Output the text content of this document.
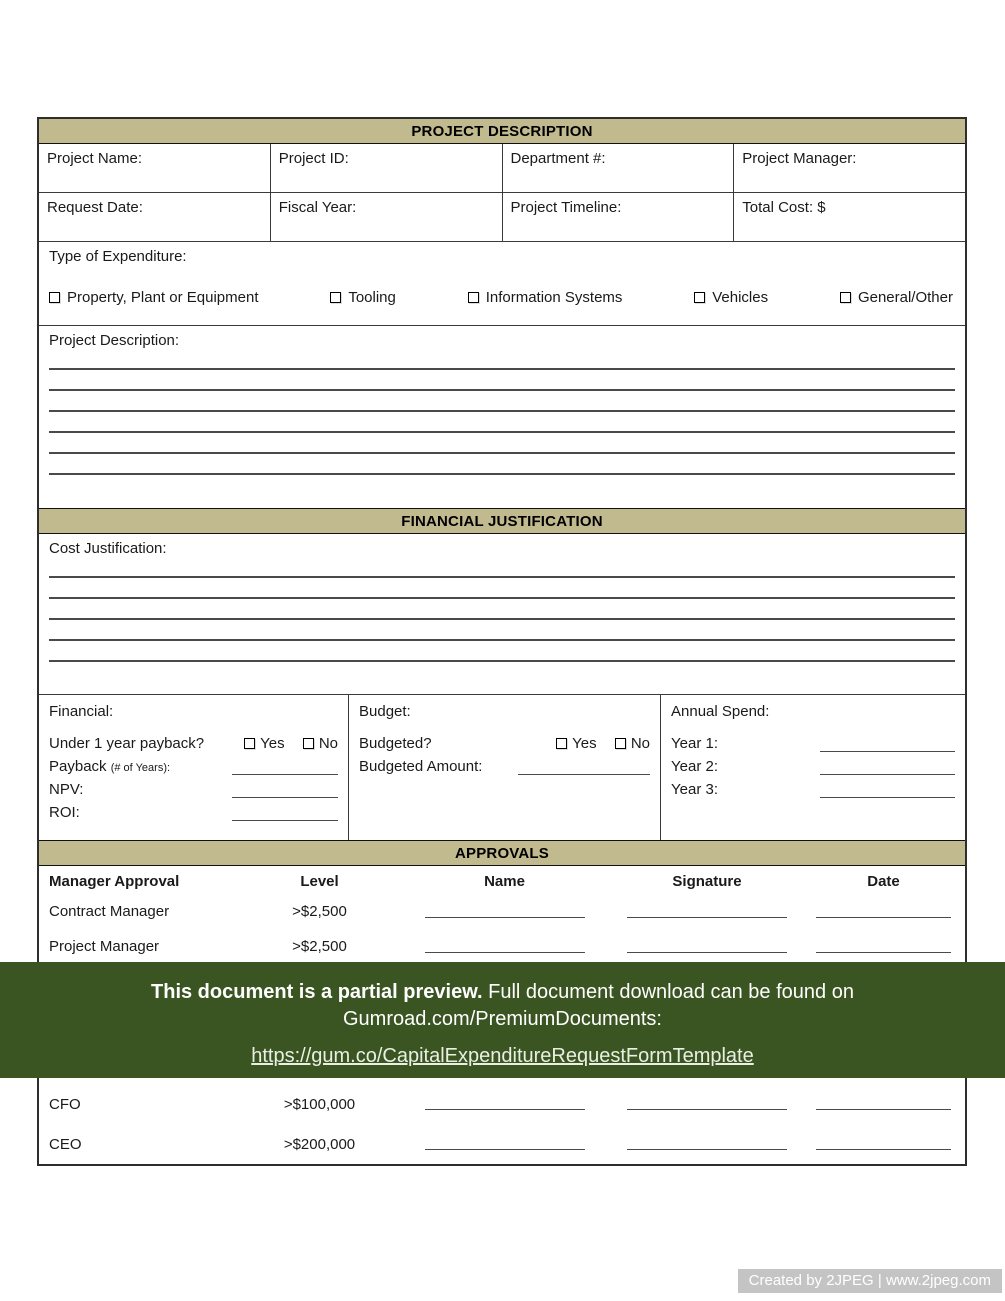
PROJECT DESCRIPTION
Project Name:	Project ID:	Department #:	Project Manager:
Request Date:	Fiscal Year:	Project Timeline:	Total Cost: $
Type of Expenditure:
Property, Plant or Equipment	Tooling	Information Systems	Vehicles	General/Other
Project Description:
FINANCIAL JUSTIFICATION
Cost Justification:
Financial:
Under 1 year payback?	Yes No
Payback (# of Years):
NPV:
ROI:
Budget:
Budgeted?	Yes No
Budgeted Amount:
Annual Spend:
Year 1:
Year 2:
Year 3:
APPROVALS
Manager Approval	Level	Name	Signature	Date
Contract Manager	>$2,500
Project Manager	>$2,500
CFO	>$100,000
CEO	>$200,000
This document is a partial preview. Full document download can be found on
Gumroad.com/PremiumDocuments:
https://gum.co/CapitalExpenditureRequestFormTemplate
Created by 2JPEG | www.2jpeg.com
